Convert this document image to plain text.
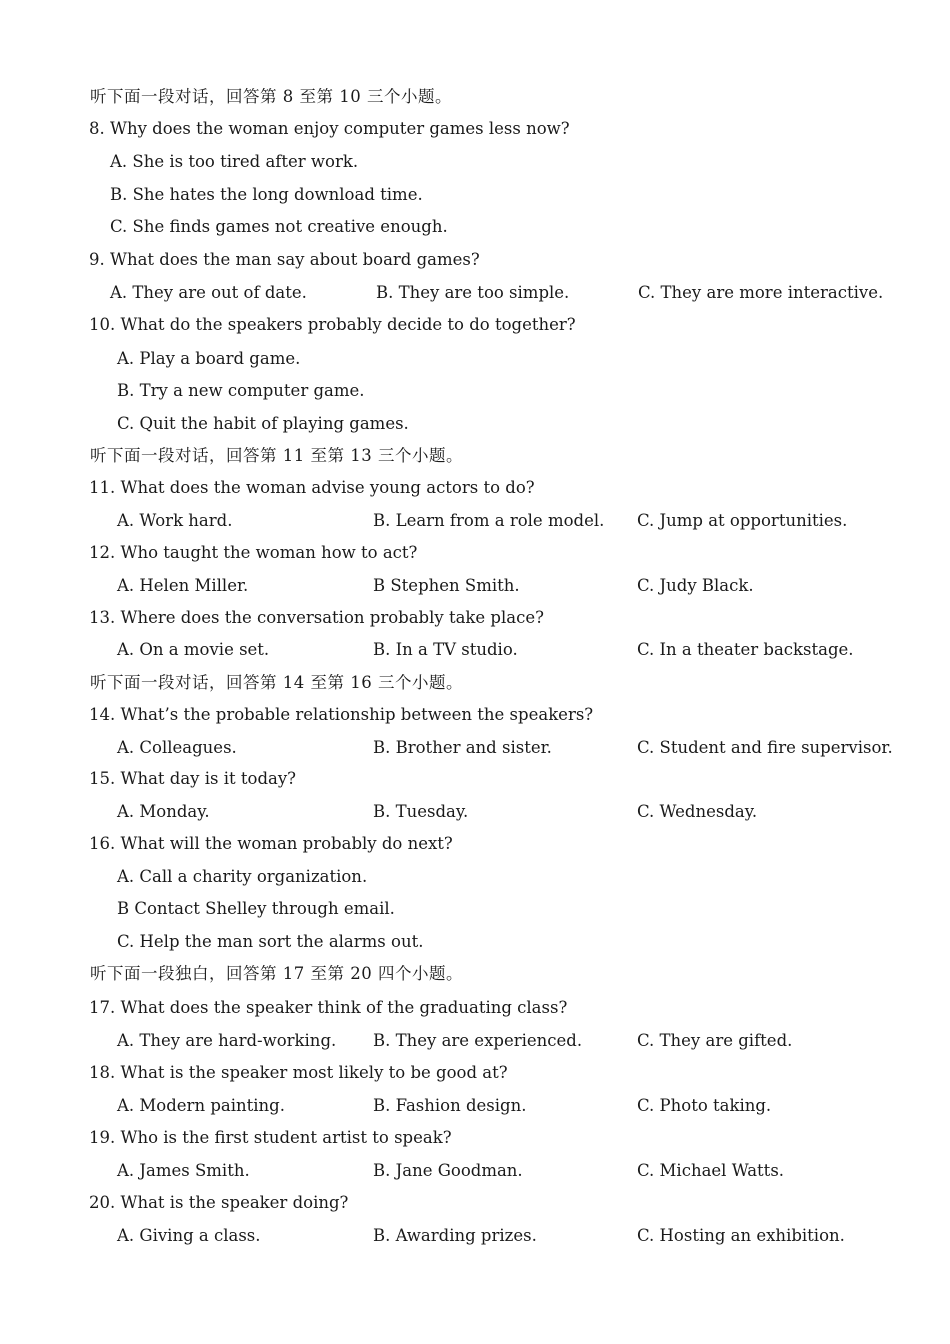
听下面一段对话，回答第 8 至第 10 三个小题。
8. Why does the woman enjoy computer games less now?
A. She is too tired after work.
B. She hates the long download time.
C. She finds games not creative enough.
9. What does the man say about board games?
A. They are out of date.	B. They are too simple.	C. They are more interactive.
10. What do the speakers probably decide to do together?
A. Play a board game.
B. Try a new computer game.
C. Quit the habit of playing games.
听下面一段对话，回答第 11 至第 13 三个小题。
11. What does the woman advise young actors to do?
A. Work hard.	B. Learn from a role model. C. Jump at opportunities.
12. Who taught the woman how to act?
A. Helen Miller.	B Stephen Smith.	C. Judy Black.
13. Where does the conversation probably take place?
A. On a movie set.	B. In a TV studio.	C. In a theater backstage.
听下面一段对话，回答第 14 至第 16 三个小题。
14. What’s the probable relationship between the speakers?
A. Colleagues.	B. Brother and sister.	C. Student and fire supervisor.
15. What day is it today?
A. Monday.	B. Tuesday.	C. Wednesday.
16. What will the woman probably do next?
A. Call a charity organization.
B Contact Shelley through email.
C. Help the man sort the alarms out.
听下面一段独白，回答第 17 至第 20 四个小题。
17. What does the speaker think of the graduating class?
A. They are hard-working. B. They are experienced.	C. They are gifted.
18. What is the speaker most likely to be good at?
A. Modern painting.	B. Fashion design.	C. Photo taking.
19. Who is the first student artist to speak?
A. James Smith.	B. Jane Goodman.	C. Michael Watts.
20. What is the speaker doing?
A. Giving a class.	B. Awarding prizes.	C. Hosting an exhibition.
